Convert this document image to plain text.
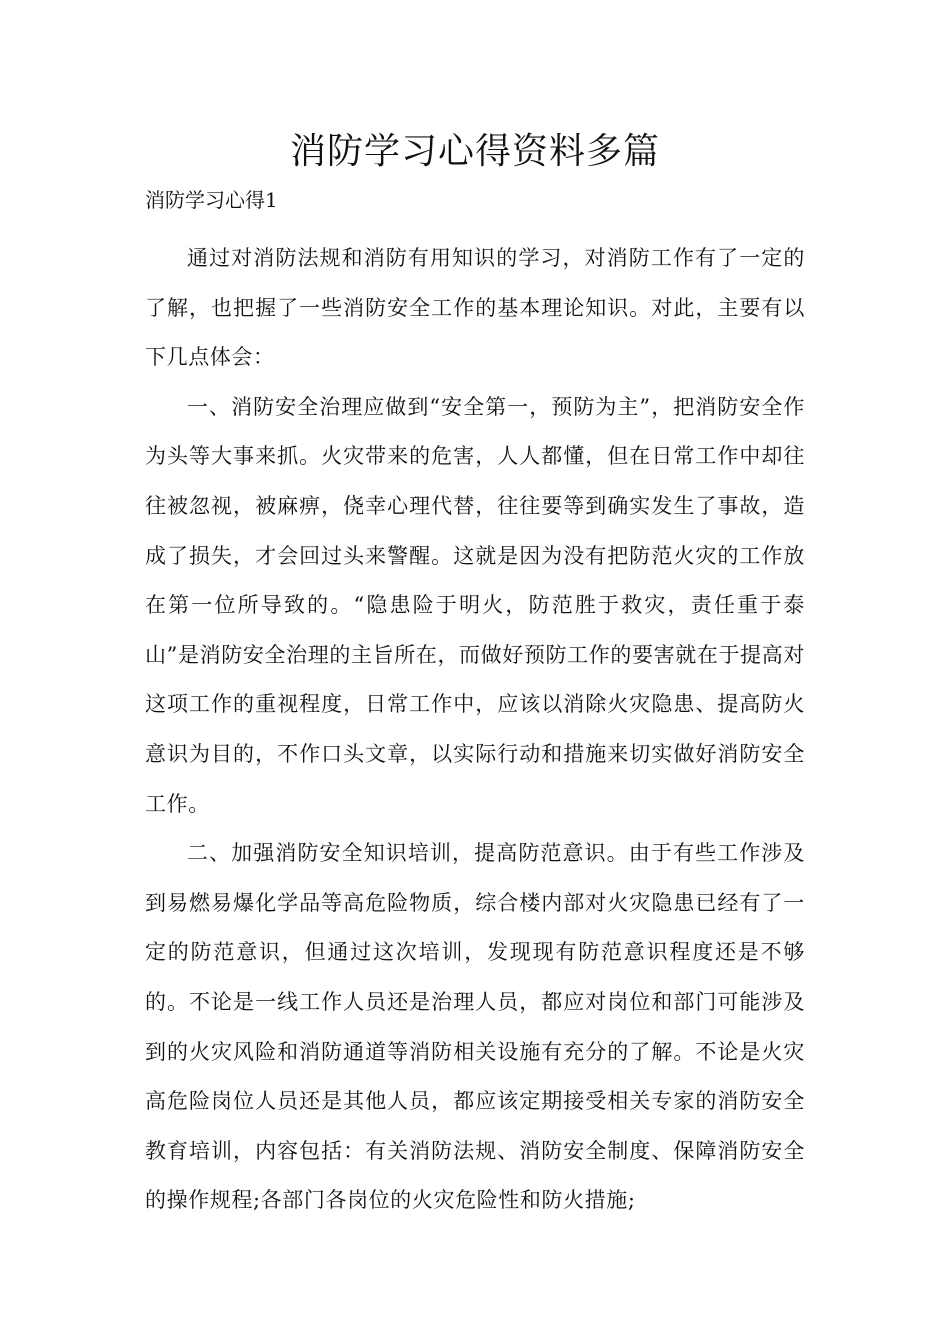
消防学习心得资料多篇

消防学习心得1

通过对消防法规和消防有用知识的学习，对消防工作有了一定的了解，也把握了一些消防安全工作的基本理论知识。对此，主要有以下几点体会：

一、消防安全治理应做到“安全第一，预防为主”，把消防安全作为头等大事来抓。火灾带来的危害，人人都懂，但在日常工作中却往往被忽视，被麻痹，侥幸心理代替，往往要等到确实发生了事故，造成了损失，才会回过头来警醒。这就是因为没有把防范火灾的工作放在第一位所导致的。“隐患险于明火，防范胜于救灾，责任重于泰山”是消防安全治理的主旨所在，而做好预防工作的要害就在于提高对这项工作的重视程度，日常工作中，应该以消除火灾隐患、提高防火意识为目的，不作口头文章，以实际行动和措施来切实做好消防安全工作。

二、加强消防安全知识培训，提高防范意识。由于有些工作涉及到易燃易爆化学品等高危险物质，综合楼内部对火灾隐患已经有了一定的防范意识，但通过这次培训，发现现有防范意识程度还是不够的。不论是一线工作人员还是治理人员，都应对岗位和部门可能涉及到的火灾风险和消防通道等消防相关设施有充分的了解。不论是火灾高危险岗位人员还是其他人员，都应该定期接受相关专家的消防安全教育培训，内容包括：有关消防法规、消防安全制度、保障消防安全的操作规程;各部门各岗位的火灾危险性和防火措施;
